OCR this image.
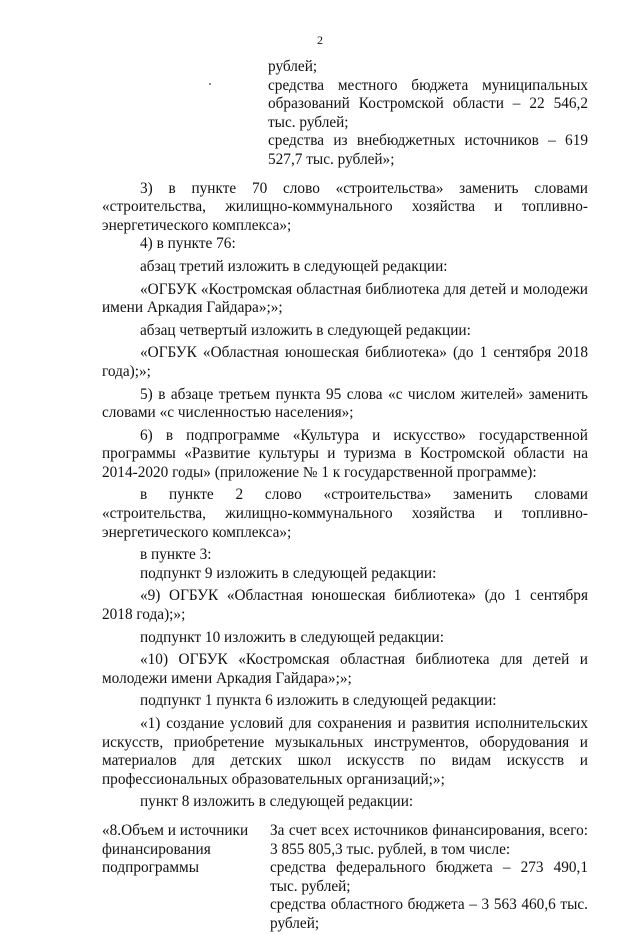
2

рублей;

средства местного бюджета муниципальных образований Костромской области – 22 546,2 тыс. рублей;

средства из внебюджетных источников – 619 527,7 тыс. рублей»;

3) в пункте 70 слово «строительства» заменить словами «строительства, жилищно-коммунального хозяйства и топливно-энергетического комплекса»;

4) в пункте 76:

абзац третий изложить в следующей редакции:

«ОГБУК «Костромская областная библиотека для детей и молодежи имени Аркадия Гайдара»;»;

абзац четвертый изложить в следующей редакции:

«ОГБУК «Областная юношеская библиотека» (до 1 сентября 2018 года);»;

5) в абзаце третьем пункта 95 слова «с числом жителей» заменить словами «с численностью населения»;

6) в подпрограмме «Культура и искусство» государственной программы «Развитие культуры и туризма в Костромской области на 2014-2020 годы» (приложение № 1 к государственной программе):

в пункте 2 слово «строительства» заменить словами «строительства, жилищно-коммунального хозяйства и топливно-энергетического комплекса»;

в пункте 3:

подпункт 9 изложить в следующей редакции:

«9) ОГБУК «Областная юношеская библиотека» (до 1 сентября 2018 года);»;

подпункт 10 изложить в следующей редакции:

«10) ОГБУК «Костромская областная библиотека для детей и молодежи имени Аркадия Гайдара»;»;

подпункт 1 пункта 6 изложить в следующей редакции:

«1) создание условий для сохранения и развития исполнительских искусств, приобретение музыкальных инструментов, оборудования и материалов для детских школ искусств по видам искусств и профессиональных образовательных организаций;»;

пункт 8 изложить в следующей редакции:

«8.Объем и источники финансирования подпрограммы

За счет всех источников финансирования, всего: 3 855 805,3 тыс. рублей, в том числе:

средства федерального бюджета – 273 490,1 тыс. рублей;

средства областного бюджета – 3 563 460,6 тыс. рублей;
